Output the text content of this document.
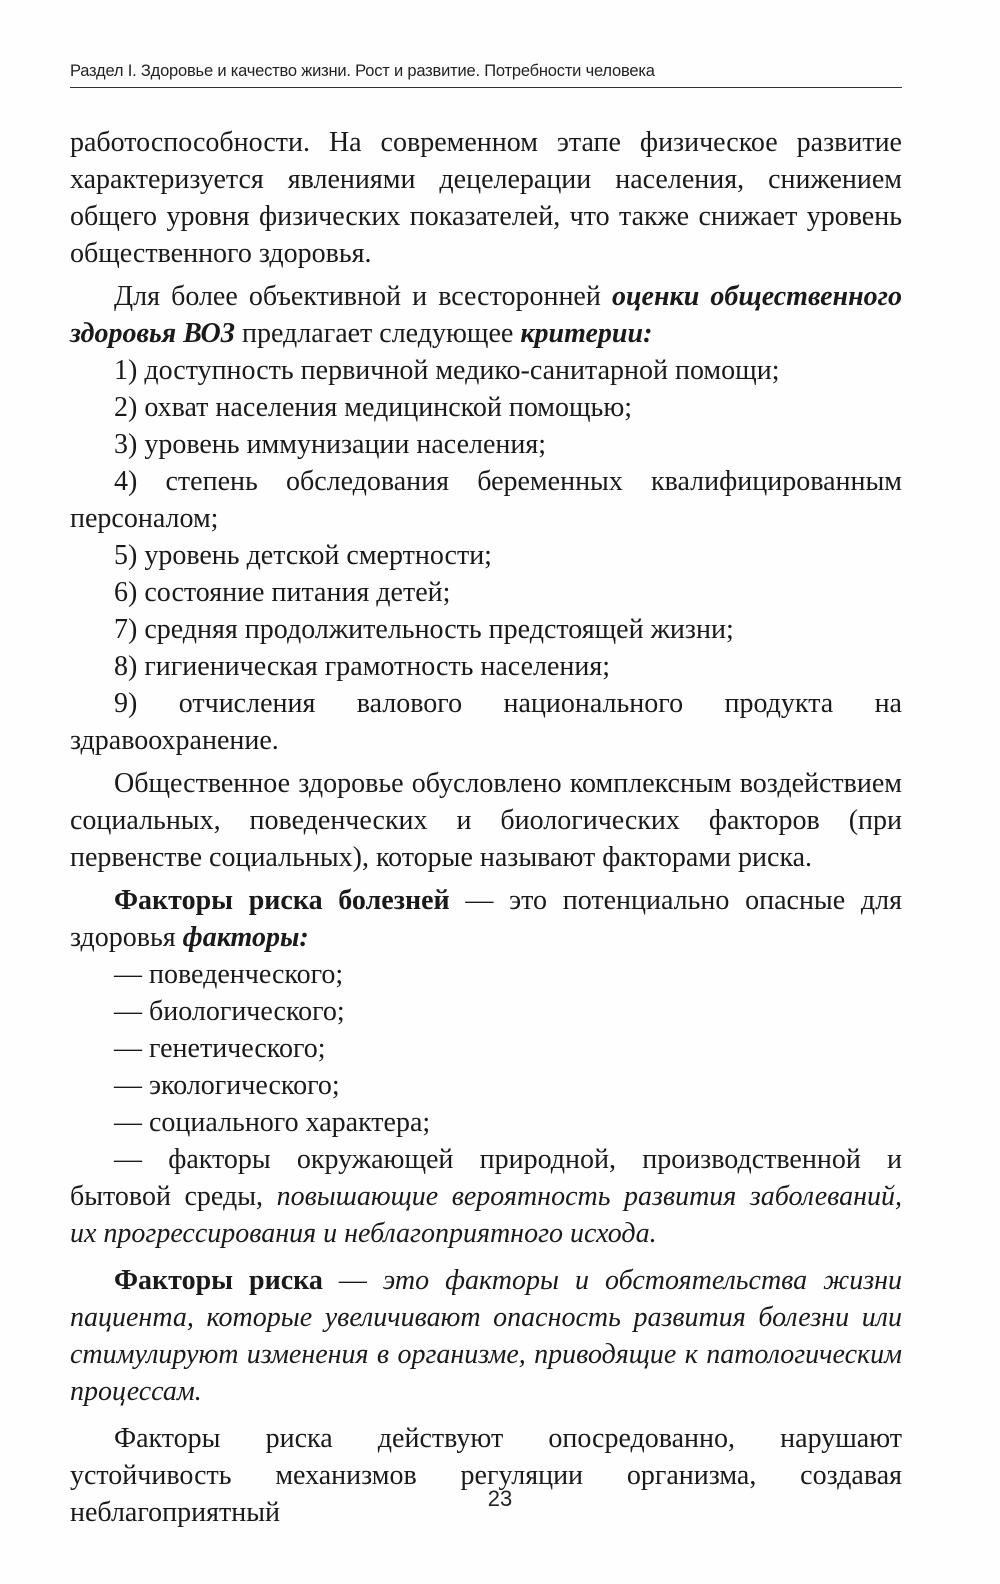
Раздел I. Здоровье и качество жизни. Рост и развитие. Потребности человека

работоспособности. На современном этапе физическое развитие характеризуется явлениями децелерации населения, снижением общего уровня физических показателей, что также снижает уровень общественного здоровья.

Для более объективной и всесторонней оценки общественного здоровья ВОЗ предлагает следующее критерии:

1) доступность первичной медико-санитарной помощи;

2) охват населения медицинской помощью;

3) уровень иммунизации населения;

4) степень обследования беременных квалифицированным персоналом;

5) уровень детской смертности;

6) состояние питания детей;

7) средняя продолжительность предстоящей жизни;

8) гигиеническая грамотность населения;

9) отчисления валового национального продукта на здравоохранение.

Общественное здоровье обусловлено комплексным воздействием социальных, поведенческих и биологических факторов (при первенстве социальных), которые называют факторами риска.

Факторы риска болезней — это потенциально опасные для здоровья факторы:

— поведенческого;

— биологического;

— генетического;

— экологического;

— социального характера;

— факторы окружающей природной, производственной и бытовой среды, повышающие вероятность развития заболеваний, их прогрессирования и неблагоприятного исхода.

Факторы риска — это факторы и обстоятельства жизни пациента, которые увеличивают опасность развития болезни или стимулируют изменения в организме, приводящие к патологическим процессам.

Факторы риска действуют опосредованно, нарушают устойчивость механизмов регуляции организма, создавая неблагоприятный	23
